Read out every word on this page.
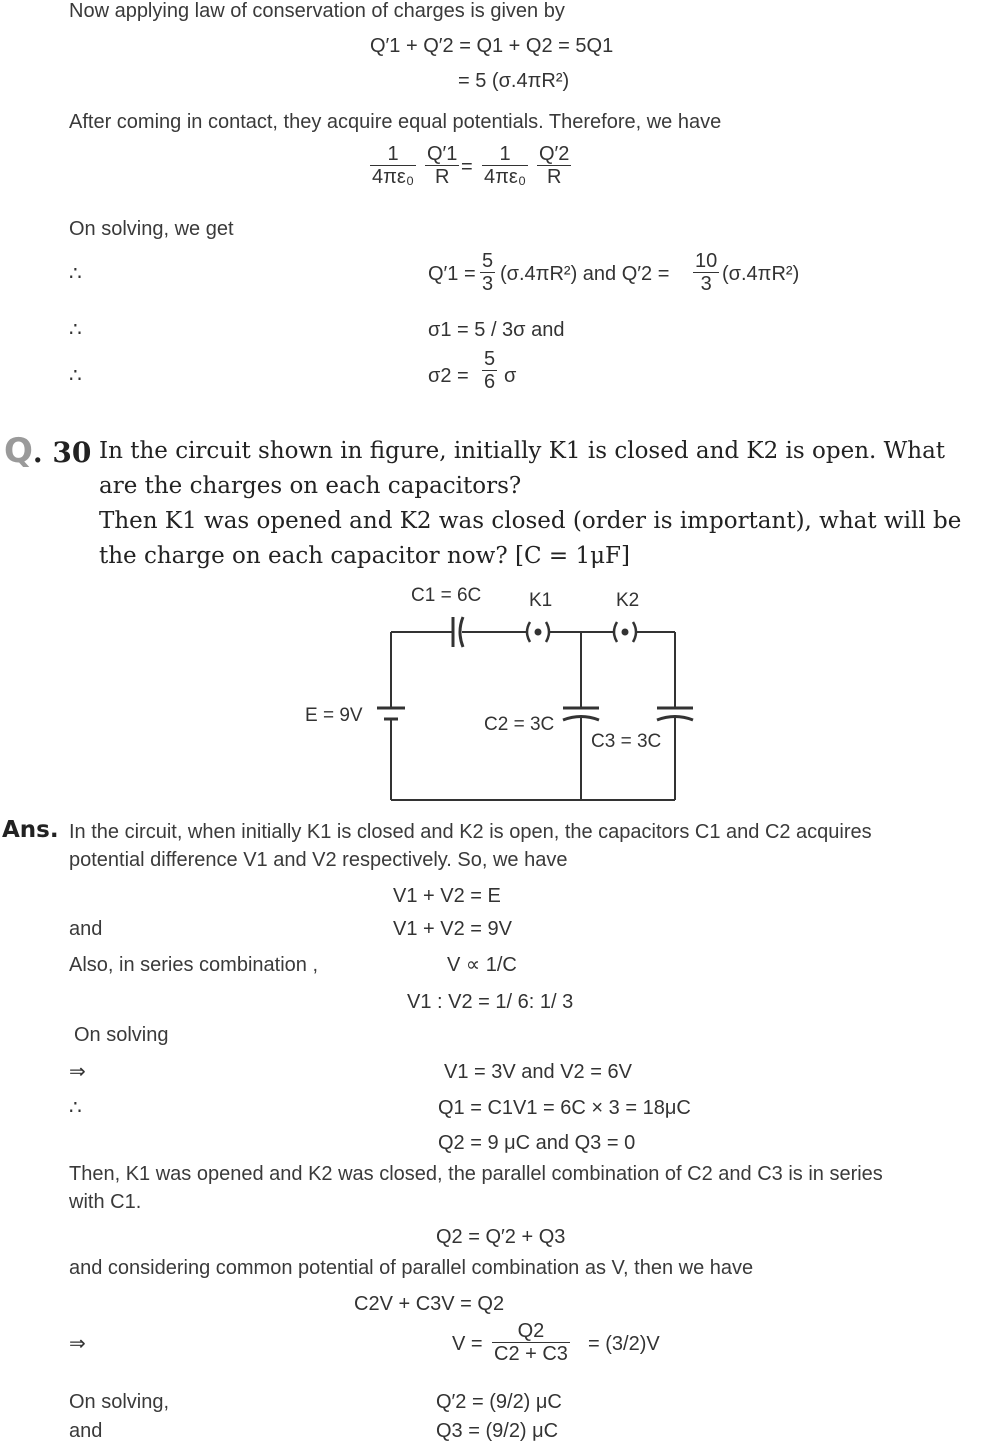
Now applying law of conservation of charges is given by
Q′1 + Q′2 = Q1 + Q2 = 5Q1
= 5 (σ.4πR²)
After coming in contact, they acquire equal potentials. Therefore, we have
$\frac{1}{\text{4πε₀}} \frac{Q'1}{R} = \frac{1}{\text{4πε₀}} \frac{Q'2}{R}$
On solving, we get
∴	$Q'1 = \frac{5}{3} (\sigma.4\pi R^2)$ and $Q'2 = \frac{10}{3} (\sigma.4\pi R^2)$
∴	σ1 = 5 / 3σ and
∴	$\sigma 2 = \frac{5}{6}$ σ
Q. 30 In the circuit shown in figure, initially K1 is closed and K2 is open. What
are the charges on each capacitors?
Then K1 was opened and K2 was closed (order is important), what will be
the charge on each capacitor now? [C = 1μF]
C1 = 6C	K1	K2
E = 9V	C2 = 3C
C3 = 3C
Ans. In the circuit, when initially K1 is closed and K2 is open, the capacitors C1 and C2 acquires
potential difference V1 and V2 respectively. So, we have
V1 + V2 = E
and	V1 + V2 = 9V
Also, in series combination ,	V ∝ 1/C
V1 : V2 = 1/ 6: 1/ 3
On solving
⇒	V1 = 3V and V2 = 6V
∴	Q1 = C1V1 = 6C × 3 = 18μC
Q2 = 9 μC and Q3 = 0
Then, K1 was opened and K2 was closed, the parallel combination of C2 and C3 is in series
with C1.
Q2 = Q′2 + Q3
and considering common potential of parallel combination as V, then we have
C2V + C3V = Q2
⇒	$V = \frac{Q2}{C2 + C3} = (3/2)V$
On solving,	Q′2 = (9/2) μC
and	Q3 = (9/2) μC
